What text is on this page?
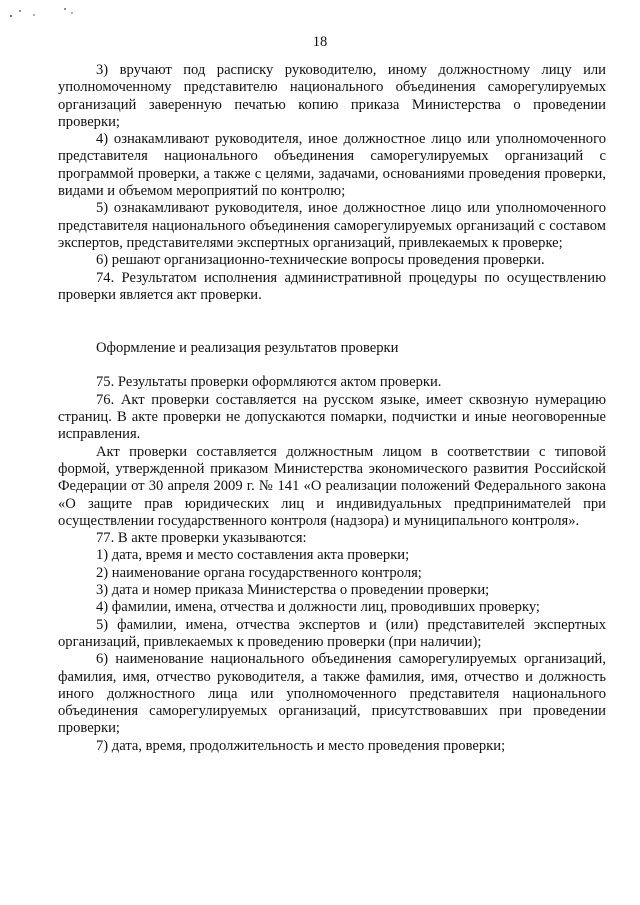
18

3) вручают под расписку руководителю, иному должностному лицу или уполномоченному представителю национального объединения саморегулируемых организаций заверенную печатью копию приказа Министерства о проведении проверки;

4) ознакамливают руководителя, иное должностное лицо или уполномоченного представителя национального объединения саморегулируемых организаций с программой проверки, а также с целями, задачами, основаниями проведения проверки, видами и объемом мероприятий по контролю;

5) ознакамливают руководителя, иное должностное лицо или уполномоченного представителя национального объединения саморегулируемых организаций с составом экспертов, представителями экспертных организаций, привлекаемых к проверке;

6) решают организационно-технические вопросы проведения проверки.

74. Результатом исполнения административной процедуры по осуществлению проверки является акт проверки.

Оформление и реализация результатов проверки

75. Результаты проверки оформляются актом проверки.

76. Акт проверки составляется на русском языке, имеет сквозную нумерацию страниц. В акте проверки не допускаются помарки, подчистки и иные неоговоренные исправления.

Акт проверки составляется должностным лицом в соответствии с типовой формой, утвержденной приказом Министерства экономического развития Российской Федерации от 30 апреля 2009 г. № 141 «О реализации положений Федерального закона «О защите прав юридических лиц и индивидуальных предпринимателей при осуществлении государственного контроля (надзора) и муниципального контроля».

77. В акте проверки указываются:

1) дата, время и место составления акта проверки;

2) наименование органа государственного контроля;

3) дата и номер приказа Министерства о проведении проверки;

4) фамилии, имена, отчества и должности лиц, проводивших проверку;

5) фамилии, имена, отчества экспертов и (или) представителей экспертных организаций, привлекаемых к проведению проверки (при наличии);

6) наименование национального объединения саморегулируемых организаций, фамилия, имя, отчество руководителя, а также фамилия, имя, отчество и должность иного должностного лица или уполномоченного представителя национального объединения саморегулируемых организаций, присутствовавших при проведении проверки;

7) дата, время, продолжительность и место проведения проверки;
